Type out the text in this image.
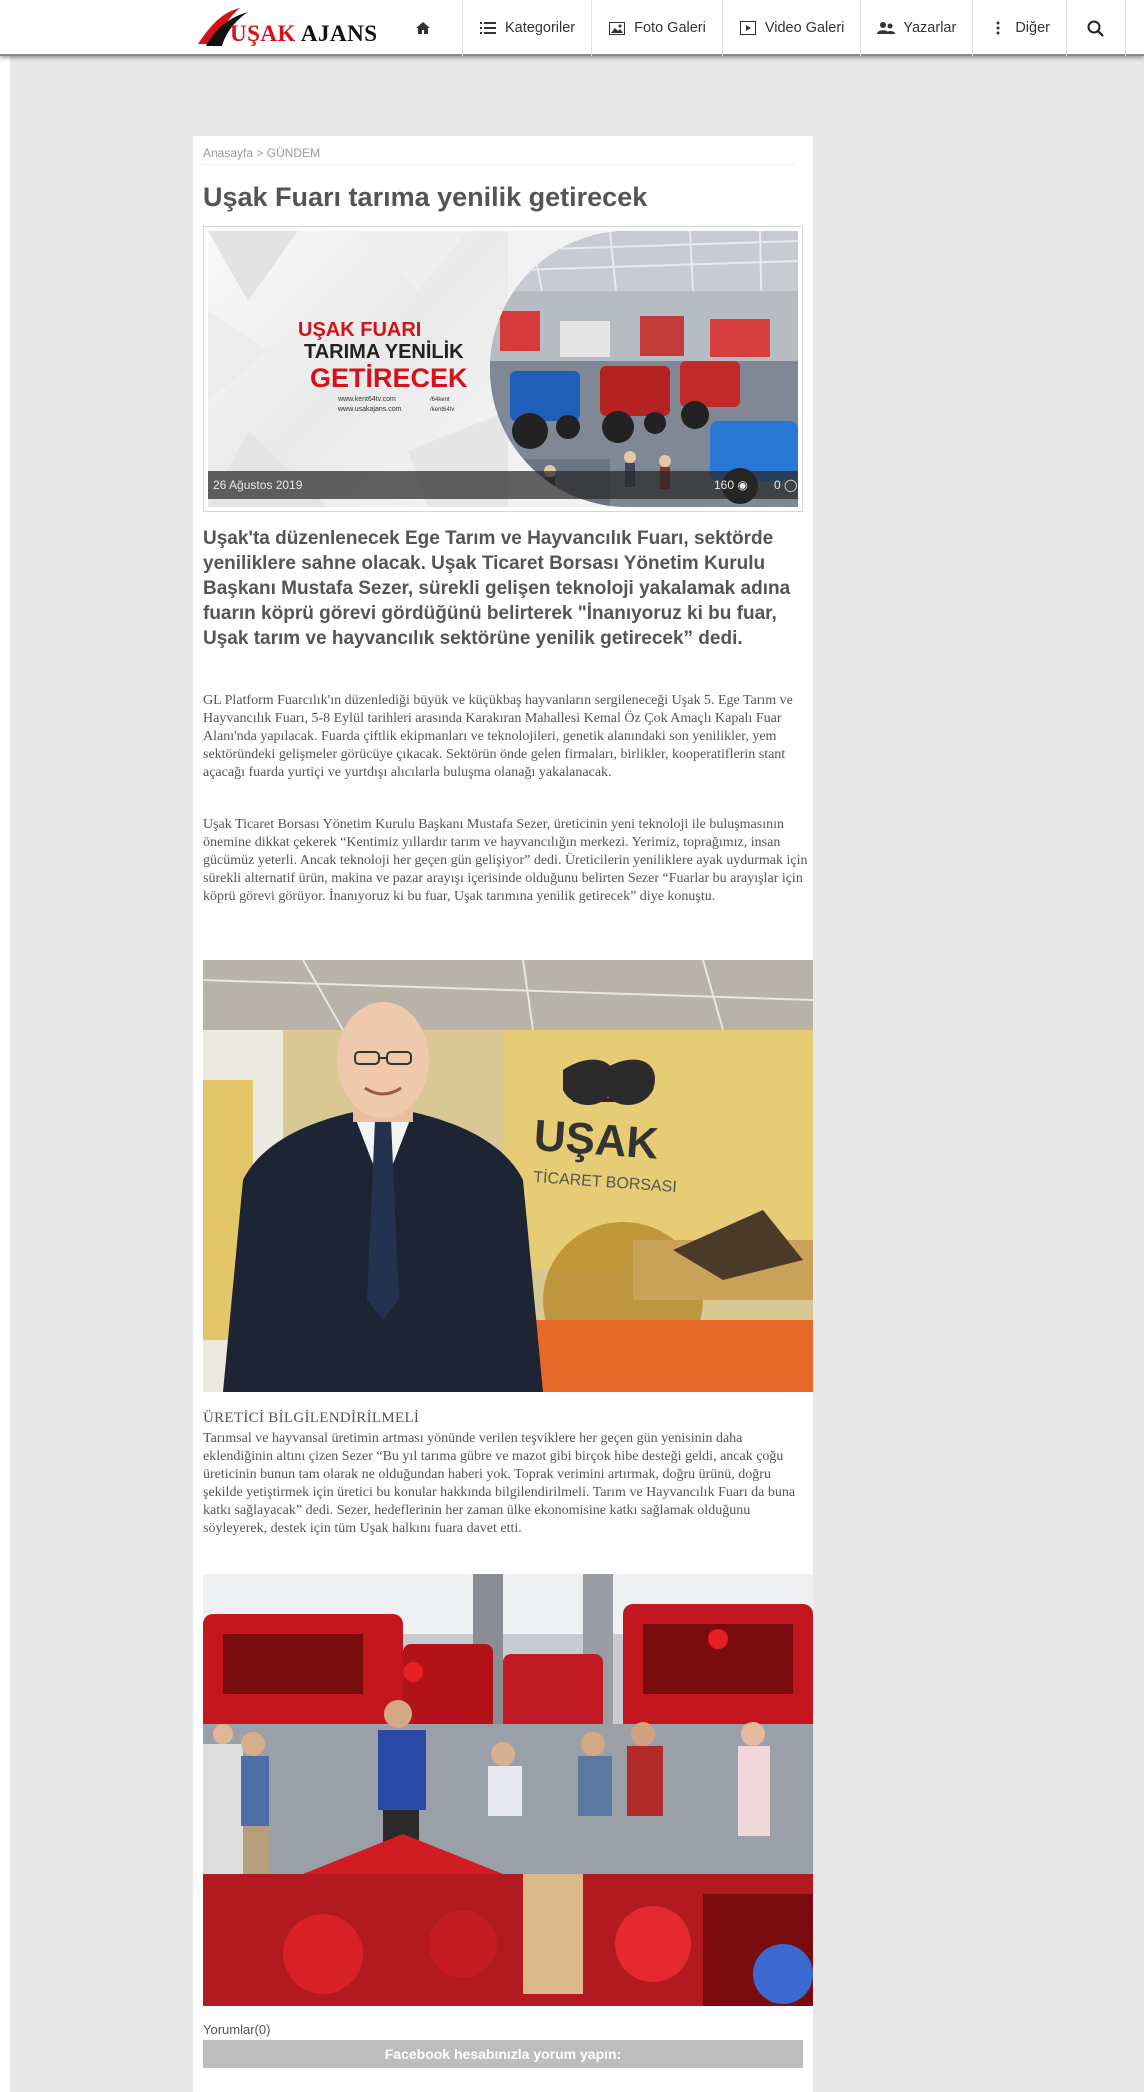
UŞAK AJANS	Kategoriler	Foto Galeri	Video Galeri	Yazarlar	Diğer
Anasayfa > GÜNDEM
Uşak Fuarı tarıma yenilik getirecek
UŞAK FUARI
TARIMA YENİLİK
GETİRECEK
www.kent64tv.com
www.usakajans.com
/64kent
/kent64tv
26 Ağustos 2019	160 ◉ 0 ◯

Uşak'ta düzenlenecek Ege Tarım ve Hayvancılık Fuarı, sektörde yeniliklere sahne olacak. Uşak Ticaret Borsası Yönetim Kurulu Başkanı Mustafa Sezer, sürekli gelişen teknoloji yakalamak adına fuarın köprü görevi gördüğünü belirterek "İnanıyoruz ki bu fuar, Uşak tarım ve hayvancılık sektörüne yenilik getirecek” dedi.

GL Platform Fuarcılık'ın düzenlediği büyük ve küçükbaş hayvanların sergileneceği Uşak 5. Ege Tarım ve Hayvancılık Fuarı, 5-8 Eylül tarihleri arasında Karakıran Mahallesi Kemal Öz Çok Amaçlı Kapalı Fuar Alanı'nda yapılacak. Fuarda çiftlik ekipmanları ve teknolojileri, genetik alanındaki son yenilikler, yem sektöründeki gelişmeler görücüye çıkacak. Sektörün önde gelen firmaları, birlikler, kooperatiflerin stant açacağı fuarda yurtiçi ve yurtdışı alıcılarla buluşma olanağı yakalanacak.

Uşak Ticaret Borsası Yönetim Kurulu Başkanı Mustafa Sezer, üreticinin yeni teknoloji ile buluşmasının önemine dikkat çekerek “Kentimiz yıllardır tarım ve hayvancılığın merkezi. Yerimiz, toprağımız, insan gücümüz yeterli. Ancak teknoloji her geçen gün gelişiyor” dedi. Üreticilerin yeniliklere ayak uydurmak için sürekli alternatif ürün, makina ve pazar arayışı içerisinde olduğunu belirten Sezer “Fuarlar bu arayışlar için köprü görevi görüyor. İnanıyoruz ki bu fuar, Uşak tarımına yenilik getirecek” diye konuştu.

UŞAK
TİCARET BORSASI
ÜRETİCİ BİLGİLENDİRİLMELİ

Tarımsal ve hayvansal üretimin artması yönünde verilen teşviklere her geçen gün yenisinin daha eklendiğinin altını çizen Sezer “Bu yıl tarıma gübre ve mazot gibi birçok hibe desteği geldi, ancak çoğu üreticinin bunun tam olarak ne olduğundan haberi yok. Toprak verimini artırmak, doğru ürünü, doğru şekilde yetiştirmek için üretici bu konular hakkında bilgilendirilmeli. Tarım ve Hayvancılık Fuarı da buna katkı sağlayacak” dedi. Sezer, hedeflerinin her zaman ülke ekonomisine katkı sağlamak olduğunu söyleyerek, destek için tüm Uşak halkını fuara davet etti.

Yorumlar(0)
Facebook hesabınızla yorum yapın:
